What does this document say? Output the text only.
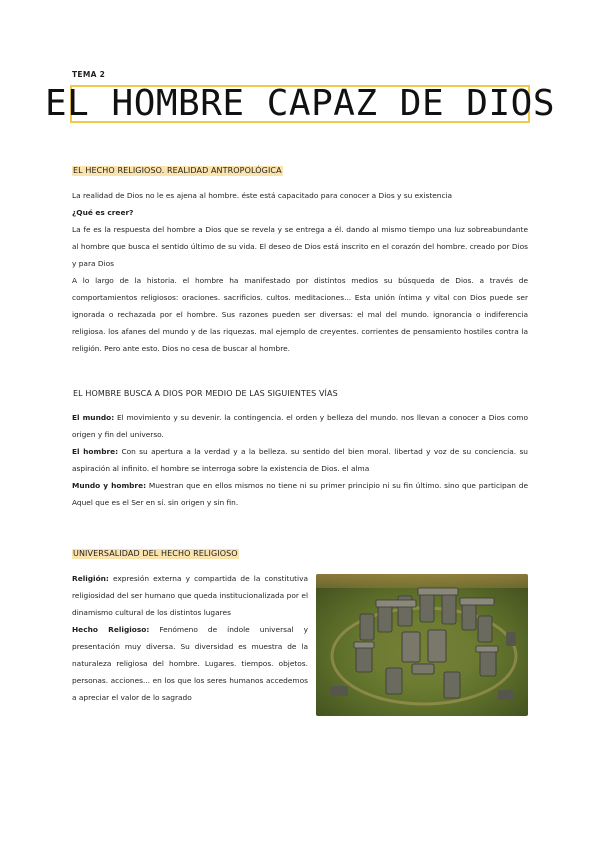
TEMA 2
EL HOMBRE CAPAZ DE DIOS
EL HECHO RELIGIOSO. REALIDAD ANTROPOLÓGICA

La realidad de Dios no le es ajena al hombre. éste está capacitado para conocer a Dios y su existencia

¿Qué es creer?

La fe es la respuesta del hombre a Dios que se revela y se entrega a él. dando al mismo tiempo una luz sobreabundante al hombre que busca el sentido último de su vida. El deseo de Dios está inscrito en el corazón del hombre. creado por Dios y para Dios

A lo largo de la historia. el hombre ha manifestado por distintos medios su búsqueda de Dios. a través de comportamientos religiosos: oraciones. sacrificios. cultos. meditaciones... Esta unión íntima y vital con Dios puede ser ignorada o rechazada por el hombre. Sus razones pueden ser diversas: el mal del mundo. ignorancia o indiferencia religiosa. los afanes del mundo y de las riquezas. mal ejemplo de creyentes. corrientes de pensamiento hostiles contra la religión. Pero ante esto. Dios no cesa de buscar al hombre.

EL HOMBRE BUSCA A DIOS POR MEDIO DE LAS SIGUIENTES VÍAS

El mundo: El movimiento y su devenir. la contingencia. el orden y belleza del mundo. nos llevan a conocer a Dios como origen y fin del universo.

El hombre: Con su apertura a la verdad y a la belleza. su sentido del bien moral. libertad y voz de su conciencia. su aspiración al infinito. el hombre se interroga sobre la existencia de Dios. el alma

Mundo y hombre: Muestran que en ellos mismos no tiene ni su primer principio ni su fin último. sino que participan de Aquel que es el Ser en sí. sin origen y sin fin.

UNIVERSALIDAD DEL HECHO RELIGIOSO

Religión: expresión externa y compartida de la constitutiva religiosidad del ser humano que queda institucionalizada por el dinamismo cultural de los distintos lugares

Hecho Religioso: Fenómeno de índole universal y presentación muy diversa. Su diversidad es muestra de la naturaleza religiosa del hombre. Lugares. tiempos. objetos. personas. acciones... en los que los seres humanos accedemos a apreciar el valor de lo sagrado
